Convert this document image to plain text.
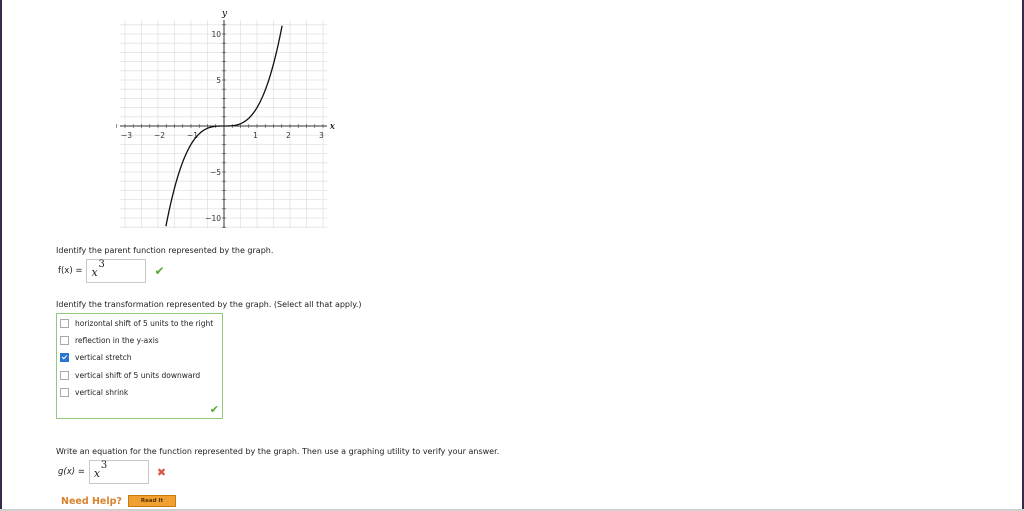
y
x
−3	−2	−1	1	2	3
10
5
−5
−10
Identify the parent function represented by the graph.
f(x) = x
3	✔
Identify the transformation represented by the graph. (Select all that apply.)
horizontal shift of 5 units to the right
reflection in the y-axis
vertical stretch
vertical shift of 5 units downward
vertical shrink
✔
Write an equation for the function represented by the graph. Then use a graphing utility to verify your answer.
g(x) = x
3	✖
Need Help?	Read It
